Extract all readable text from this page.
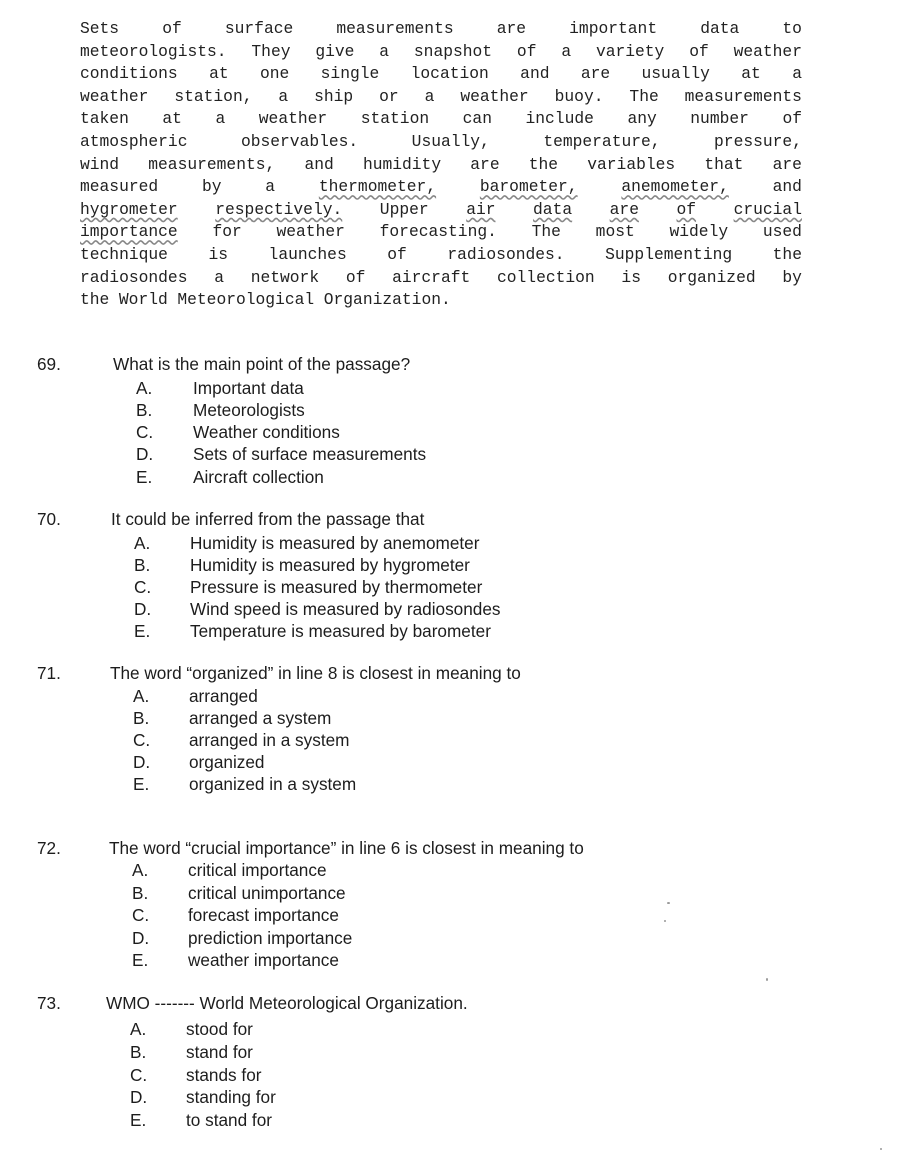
Sets	of	surface	measurements	are	important	data	to
meteorologists. They give a snapshot of a variety of weather
conditions at one single location and are usually at a
weather station, a ship or a weather buoy. The measurements
taken at a weather station can include any number of
atmospheric	observables.	Usually,	temperature,	pressure,
wind measurements, and humidity are the variables that are
measured	by	a	thermometer,	barometer,	anemometer,	and
hygrometer respectively. Upper air data are of crucial
importance for weather forecasting. The most widely used
technique is launches of radiosondes. Supplementing the
radiosondes a network of aircraft collection is organized by
the World Meteorological Organization.
69.	What is the main point of the passage?
A. Important data
B. Meteorologists
C. Weather conditions
D. Sets of surface measurements
E. Aircraft collection
70.	It could be inferred from the passage that
A. Humidity is measured by anemometer
B. Humidity is measured by hygrometer
C. Pressure is measured by thermometer
D. Wind speed is measured by radiosondes
E. Temperature is measured by barometer
71.	The word “organized” in line 8 is closest in meaning to
A. arranged
B. arranged a system
C. arranged in a system
D. organized
E. organized in a system
72.	The word “crucial importance” in line 6 is closest in meaning to
A. critical importance
B. critical unimportance
C. forecast importance
D. prediction importance
E. weather importance
73.	WMO ------- World Meteorological Organization.
A. stood for
B. stand for
C. stands for
D. standing for
E. to stand for
